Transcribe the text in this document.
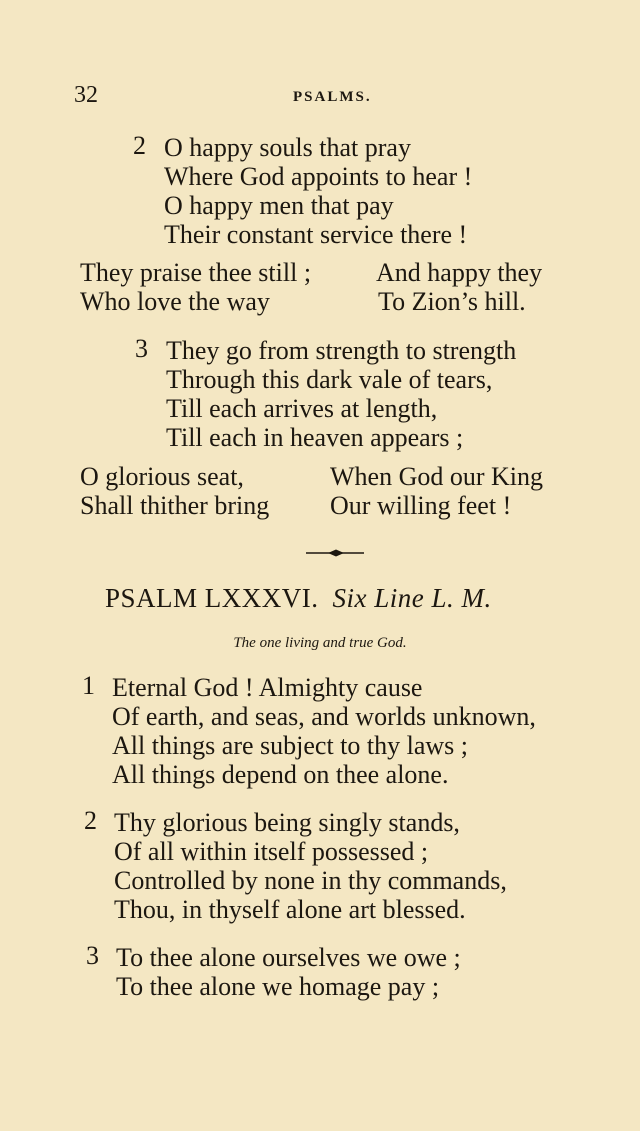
32	PSALMS.
2 O happy souls that pray
Where God appoints to hear !
O happy men that pay
Their constant service there !
They praise thee still ;
Who love the way
And happy they
To Zion’s hill.
3 They go from strength to strength
Through this dark vale of tears,
Till each arrives at length,
Till each in heaven appears ;
O glorious seat,
Shall thither bring
When God our King
Our willing feet !
PSALM LXXXVI. Six Line L. M.
The one living and true God.
1 Eternal God ! Almighty cause
Of earth, and seas, and worlds unknown,
All things are subject to thy laws ;
All things depend on thee alone.
2 Thy glorious being singly stands,
Of all within itself possessed ;
Controlled by none in thy commands,
Thou, in thyself alone art blessed.
3 To thee alone ourselves we owe ;
To thee alone we homage pay ;
